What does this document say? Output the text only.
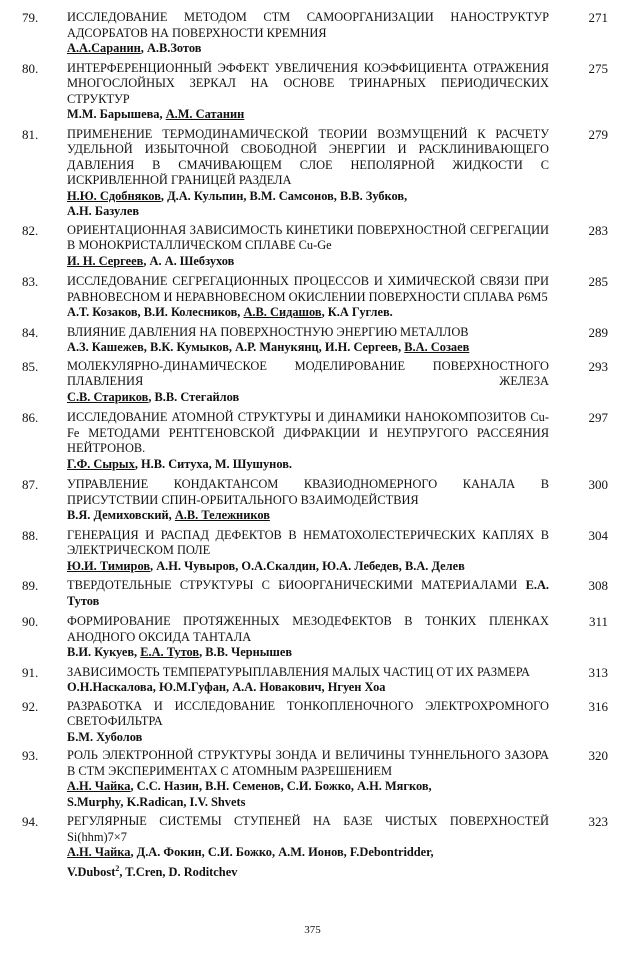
79.	ИССЛЕДОВАНИЕ МЕТОДОМ СТМ САМООРГАНИЗАЦИИ НАНОСТРУКТУР АДСОРБАТОВ НА ПОВЕРХНОСТИ КРЕМНИЯ
А.А.Саранин, А.В.Зотов
271
80.	ИНТЕРФЕРЕНЦИОННЫЙ ЭФФЕКТ УВЕЛИЧЕНИЯ КОЭФФИЦИЕНТА ОТРАЖЕНИЯ МНОГОСЛОЙНЫХ ЗЕРКАЛ НА ОСНОВЕ ТРИНАРНЫХ ПЕРИОДИЧЕСКИХ СТРУКТУР
М.М. Барышева, А.М. Сатанин
275
81.	ПРИМЕНЕНИЕ ТЕРМОДИНАМИЧЕСКОЙ ТЕОРИИ ВОЗМУЩЕНИЙ К РАСЧЕТУ УДЕЛЬНОЙ ИЗБЫТОЧНОЙ СВОБОДНОЙ ЭНЕРГИИ И РАСКЛИНИВАЮЩЕГО ДАВЛЕНИЯ В СМАЧИВАЮЩЕМ СЛОЕ НЕПОЛЯРНОЙ ЖИДКОСТИ С ИСКРИВЛЕННОЙ ГРАНИЦЕЙ РАЗДЕЛА
Н.Ю. Сдобняков, Д.А. Кульпин, В.М. Самсонов, В.В. Зубков,
А.Н. Базулев
279
82.	ОРИЕНТАЦИОННАЯ ЗАВИСИМОСТЬ КИНЕТИКИ ПОВЕРХНОСТНОЙ СЕГРЕГАЦИИ В МОНОКРИСТАЛЛИЧЕСКОМ СПЛАВЕ Cu-Ge
И. Н. Сергеев, А. А. Шебзухов
283
83.	ИССЛЕДОВАНИЕ СЕГРЕГАЦИОННЫХ ПРОЦЕССОВ И ХИМИЧЕСКОЙ СВЯЗИ ПРИ РАВНОВЕСНОМ И НЕРАВНОВЕСНОМ ОКИСЛЕНИИ ПОВЕРХНОСТИ СПЛАВА Р6М5
А.Т. Козаков, В.И. Колесников, А.В. Сидашов, К.А Гуглев.
285
84.	ВЛИЯНИЕ ДАВЛЕНИЯ НА ПОВЕРХНОСТНУЮ ЭНЕРГИЮ МЕТАЛЛОВ
А.З. Кашежев, В.К. Кумыков, А.Р. Манукянц, И.Н. Сергеев, В.А. Созаев
289
85.	МОЛЕКУЛЯРНО-ДИНАМИЧЕСКОЕ МОДЕЛИРОВАНИЕ ПОВЕРХНОСТНОГО ПЛАВЛЕНИЯ ЖЕЛЕЗА
С.В. Стариков, В.В. Стегайлов
293
86.	ИССЛЕДОВАНИЕ АТОМНОЙ СТРУКТУРЫ И ДИНАМИКИ НАНОКОМПОЗИТОВ Cu- Fe МЕТОДАМИ РЕНТГЕНОВСКОЙ ДИФРАКЦИИ И НЕУПРУГОГО РАССЕЯНИЯ НЕЙТРОНОВ.
Г.Ф. Сырых, Н.В. Ситуха, М. Шушунов.
297
87.	УПРАВЛЕНИЕ КОНДАКТАНСОМ КВАЗИОДНОМЕРНОГО КАНАЛА В ПРИСУТСТВИИ СПИН-ОРБИТАЛЬНОГО ВЗАИМОДЕЙСТВИЯ
В.Я. Демиховский, А.В. Тележников
300
88.	ГЕНЕРАЦИЯ И РАСПАД ДЕФЕКТОВ В НЕМАТОХОЛЕСТЕРИЧЕСКИХ КАПЛЯХ В ЭЛЕКТРИЧЕСКОМ ПОЛЕ
Ю.И. Тимиров, А.Н. Чувыров, О.А.Скалдин, Ю.А. Лебедев, В.А. Делев
304
89.	ТВЕРДОТЕЛЬНЫЕ СТРУКТУРЫ С БИООРГАНИЧЕСКИМИ МАТЕРИАЛАМИ Е.А. Тутов
308
90.	ФОРМИРОВАНИЕ ПРОТЯЖЕННЫХ МЕЗОДЕФЕКТОВ В ТОНКИХ ПЛЕНКАХ АНОДНОГО ОКСИДА ТАНТАЛА
В.И. Кукуев, Е.А. Тутов, В.В. Чернышев
311
91.	ЗАВИСИМОСТЬ ТЕМПЕРАТУРЫПЛАВЛЕНИЯ МАЛЫХ ЧАСТИЦ ОТ ИХ РАЗМЕРА
О.Н.Наскалова, Ю.М.Гуфан, А.А. Новакович, Нгуен Хоа
313
92.	РАЗРАБОТКА И ИССЛЕДОВАНИЕ ТОНКОПЛЕНОЧНОГО ЭЛЕКТРОХРОМНОГО СВЕТОФИЛЬТРА
Б.М. Хуболов
316
93.	РОЛЬ ЭЛЕКТРОННОЙ СТРУКТУРЫ ЗОНДА И ВЕЛИЧИНЫ ТУННЕЛЬНОГО ЗАЗОРА В СТМ ЭКСПЕРИМЕНТАХ С АТОМНЫМ РАЗРЕШЕНИЕМ
А.Н. Чайка, С.С. Назин, В.Н. Семенов, С.И. Божко, А.Н. Мягков,
S.Murphy, K.Radican, I.V. Shvets
320
94.	РЕГУЛЯРНЫЕ СИСТЕМЫ СТУПЕНЕЙ НА БАЗЕ ЧИСТЫХ ПОВЕРХНОСТЕЙ Si(hhm)7×7
А.Н. Чайка, Д.А. Фокин, С.И. Божко, А.М. Ионов, F.Debontridder,
V.Dubost$^2$, T.Cren, D. Roditchev
323
375
